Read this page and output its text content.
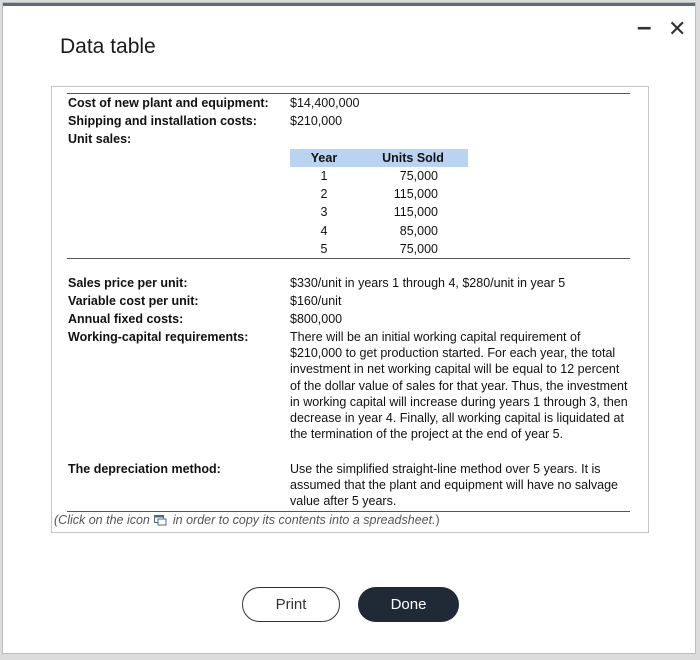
Data table
– ✕
Cost of new plant and equipment: $14,400,000
Shipping and installation costs:	$210,000
Unit sales:
Year	Units Sold
1	75,000
2	115,000
3	115,000
4	85,000
5	75,000
Sales price per unit:	$330/unit in years 1 through 4, $280/unit in year 5
Variable cost per unit:	$160/unit
Annual fixed costs:	$800,000
Working-capital requirements:	There will be an initial working capital requirement of $210,000 to get production started. For each year, the total investment in net working capital will be equal to 12 percent of the dollar value of sales for that year. Thus, the investment in working capital will increase during years 1 through 3, then decrease in year 4. Finally, all working capital is liquidated at the termination of the project at the end of year 5.
The depreciation method:	Use the simplified straight-line method over 5 years. It is assumed that the plant and equipment will have no salvage value after 5 years.
(Click on the icon in order to copy its contents into a spreadsheet.)
Print	Done
